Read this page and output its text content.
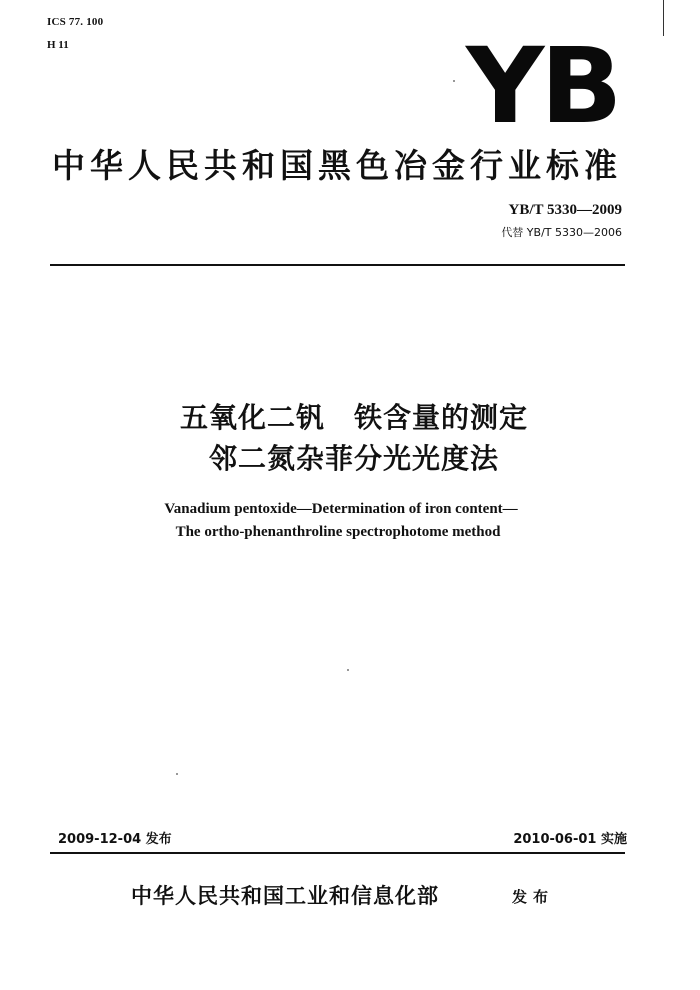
ICS 77. 100
H 11	YB
中华人民共和国黑色冶金行业标准
YB/T 5330—2009
代替 YB/T 5330—2006
五氧化二钒　铁含量的测定
邻二氮杂菲分光光度法
Vanadium pentoxide—Determination of iron content—
The ortho-phenanthroline spectrophotome method
2009-12-04 发布	2010-06-01 实施
中华人民共和国工业和信息化部	发布
